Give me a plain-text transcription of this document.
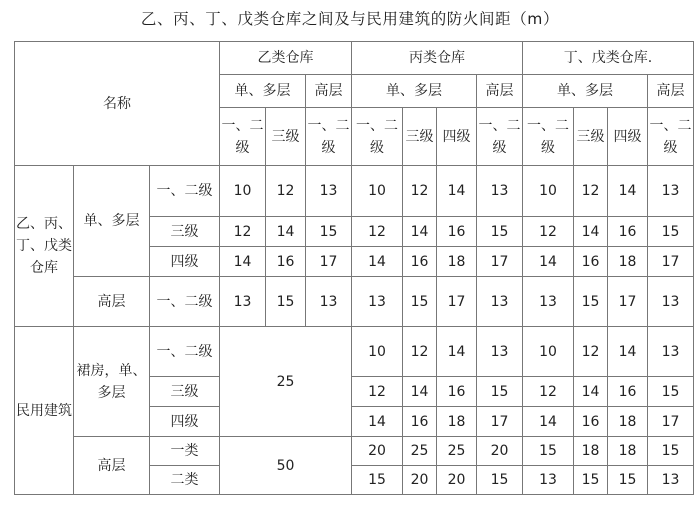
乙、丙、丁、戊类仓库之间及与民用建筑的防火间距（m）
名称			乙类仓库			丙类仓库				丁、戊类仓库.			
			单、多层		高层	单、多层			高层	单、多层			高层
			一、二级	三级	一、二级	一、二级	三级	四级	一、二级	一、二级	三级	四级	一、二级
乙、丙、丁、戊类仓库	单、多层	一、二级	10	12	13	10	12	14	13	10	12	14	13
		三级	12	14	15	12	14	16	15	12	14	16	15
		四级	14	16	17	14	16	18	17	14	16	18	17
	高层	一、二级	13	15	13	13	15	17	13	13	15	17	13
民用建筑	裙房，单、多层	一、二级	25			10	12	14	13	10	12	14	13
		三级				12	14	16	15	12	14	16	15
		四级				14	16	18	17	14	16	18	17
	高层	一类	50			20	25	25	20	15	18	18	15
		二类				15	20	20	15	13	15	15	13
